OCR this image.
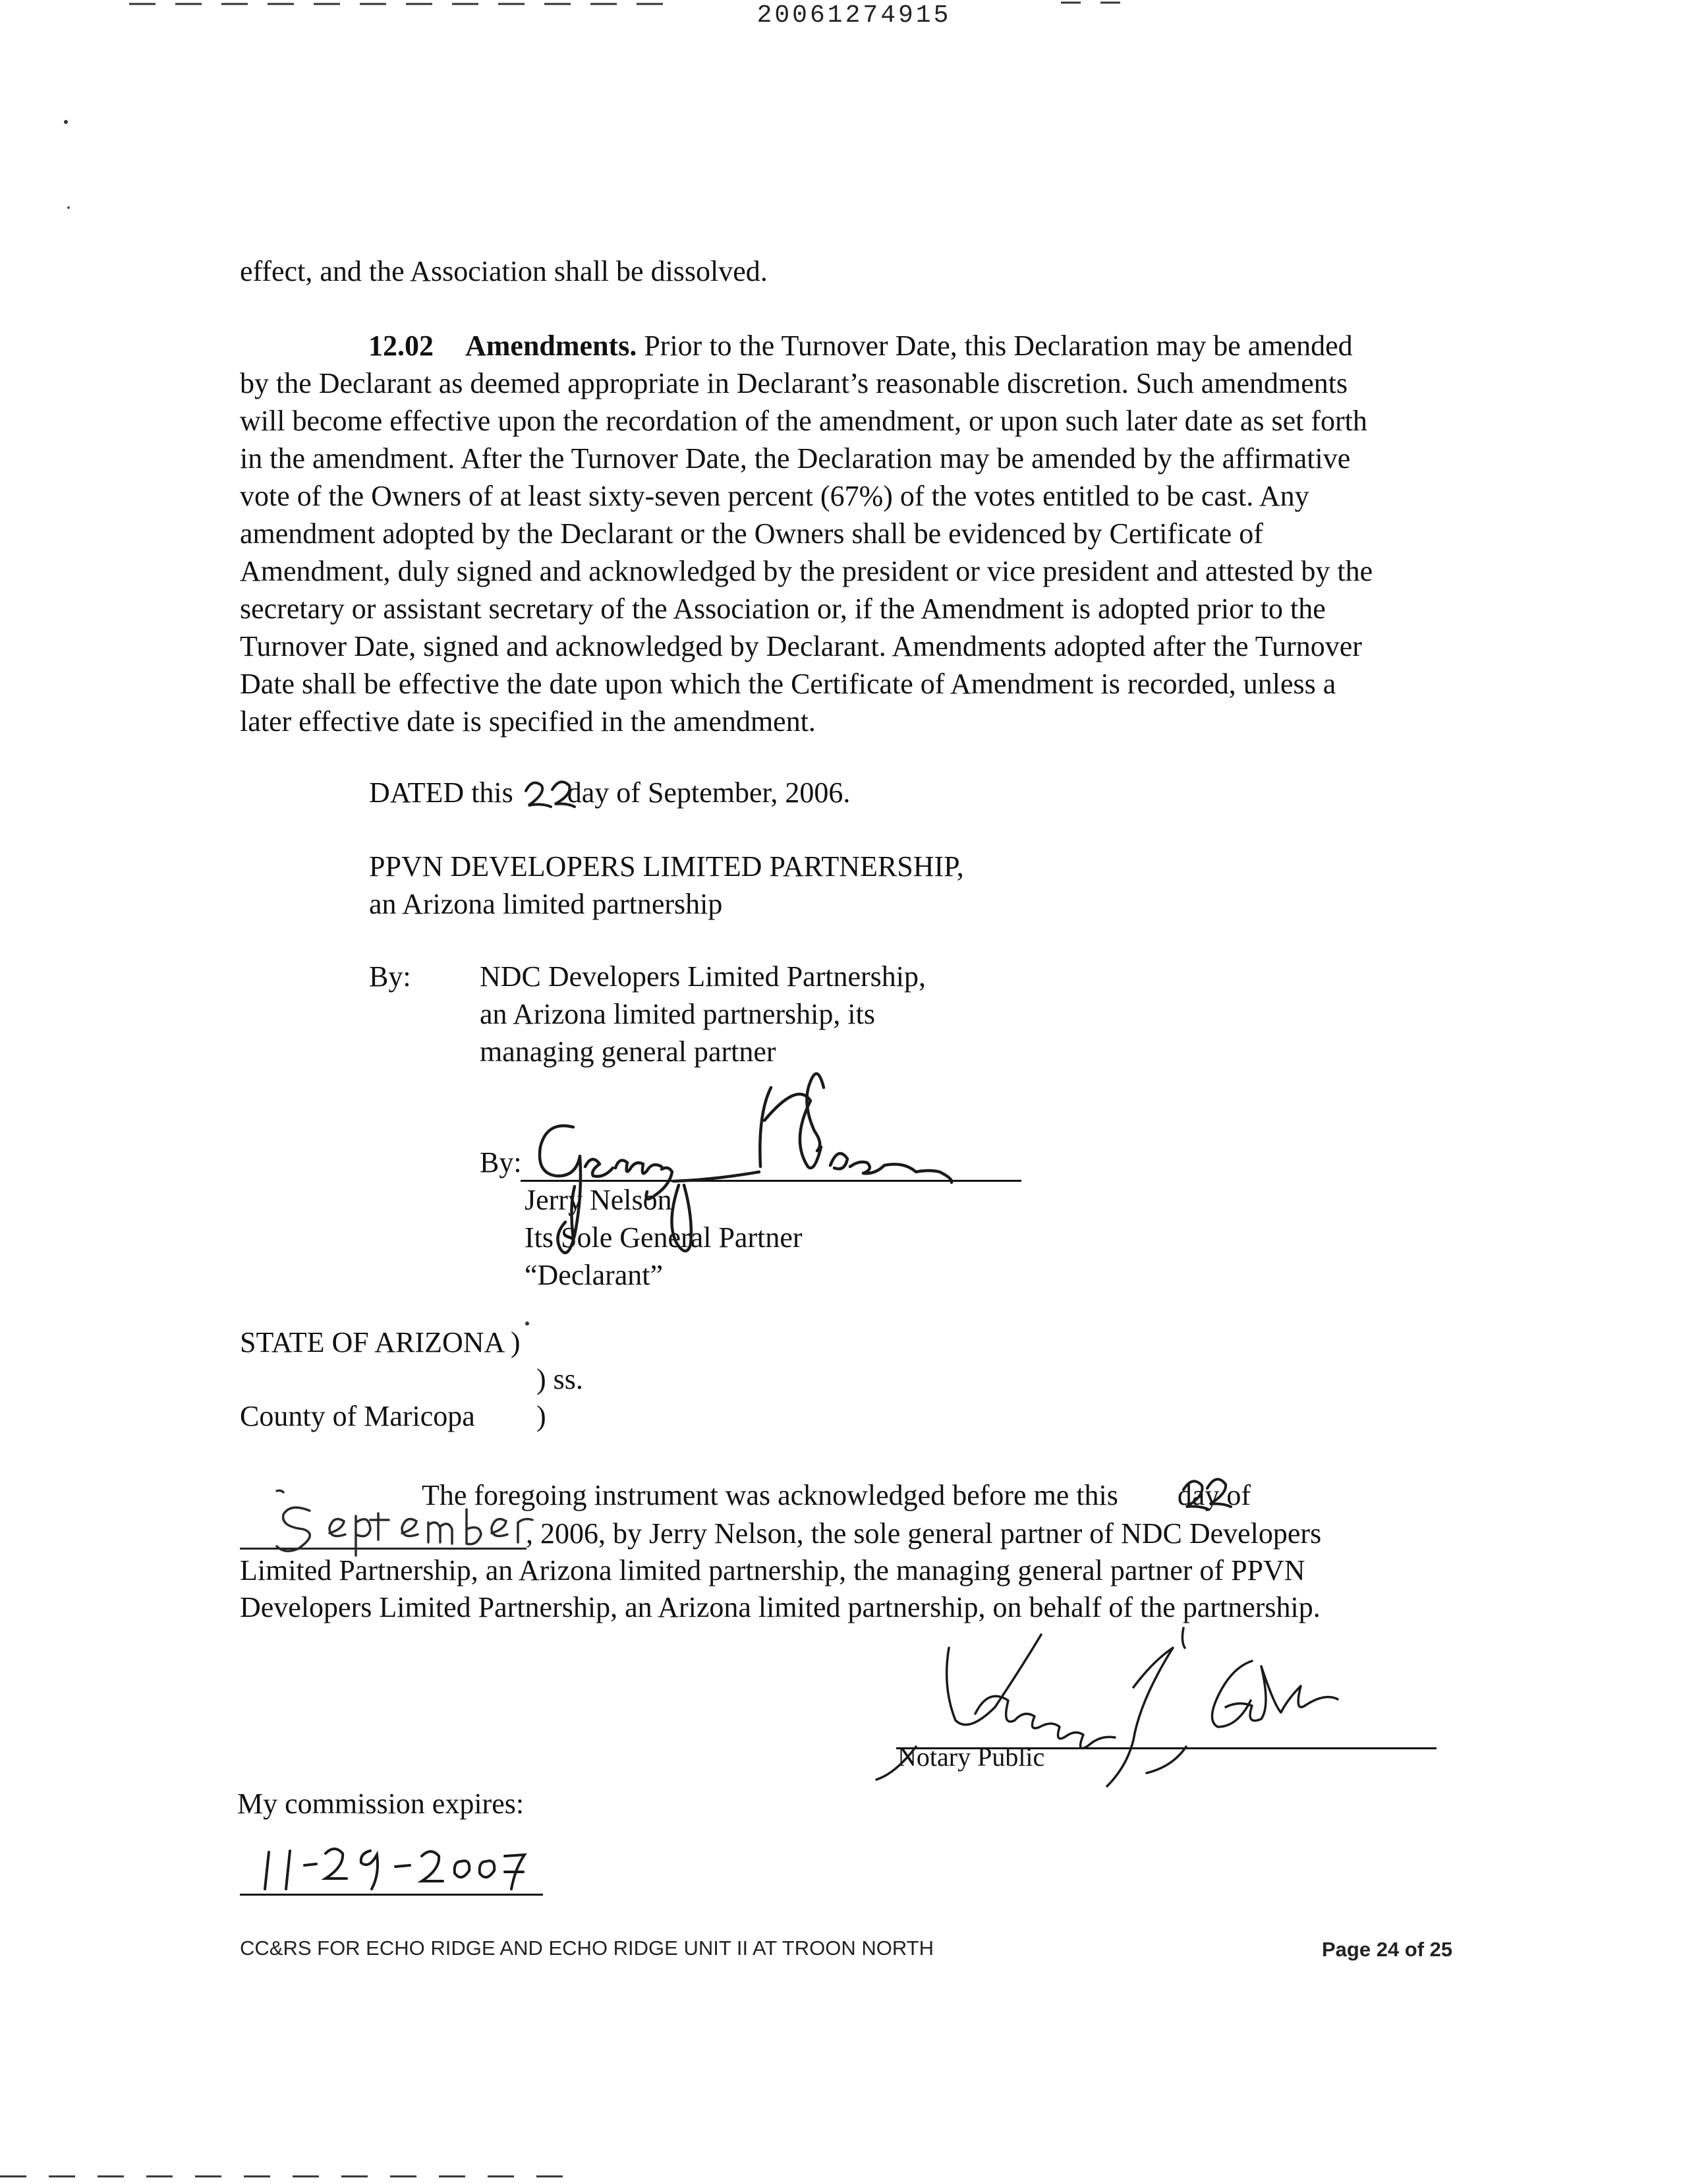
20061274915
effect, and the Association shall be dissolved.
12.02 Amendments. Prior to the Turnover Date, this Declaration may be amended
by the Declarant as deemed appropriate in Declarant’s reasonable discretion. Such amendments
will become effective upon the recordation of the amendment, or upon such later date as set forth
in the amendment. After the Turnover Date, the Declaration may be amended by the affirmative
vote of the Owners of at least sixty-seven percent (67%) of the votes entitled to be cast. Any
amendment adopted by the Declarant or the Owners shall be evidenced by Certificate of
Amendment, duly signed and acknowledged by the president or vice president and attested by the
secretary or assistant secretary of the Association or, if the Amendment is adopted prior to the
Turnover Date, signed and acknowledged by Declarant. Amendments adopted after the Turnover
Date shall be effective the date upon which the Certificate of Amendment is recorded, unless a
later effective date is specified in the amendment.
DATED this day of September, 2006.
PPVN DEVELOPERS LIMITED PARTNERSHIP,
an Arizona limited partnership
By: NDC Developers Limited Partnership,
an Arizona limited partnership, its
managing general partner
By:
Jerry Nelson
Its Sole General Partner
“Declarant”
STATE OF ARIZONA )
) ss.
County of Maricopa )
The foregoing instrument was acknowledged before me this day of
, 2006, by Jerry Nelson, the sole general partner of NDC Developers
Limited Partnership, an Arizona limited partnership, the managing general partner of PPVN
Developers Limited Partnership, an Arizona limited partnership, on behalf of the partnership.
Notary Public
My commission expires:
CC&RS FOR ECHO RIDGE AND ECHO RIDGE UNIT II AT TROON NORTH	Page 24 of 25
